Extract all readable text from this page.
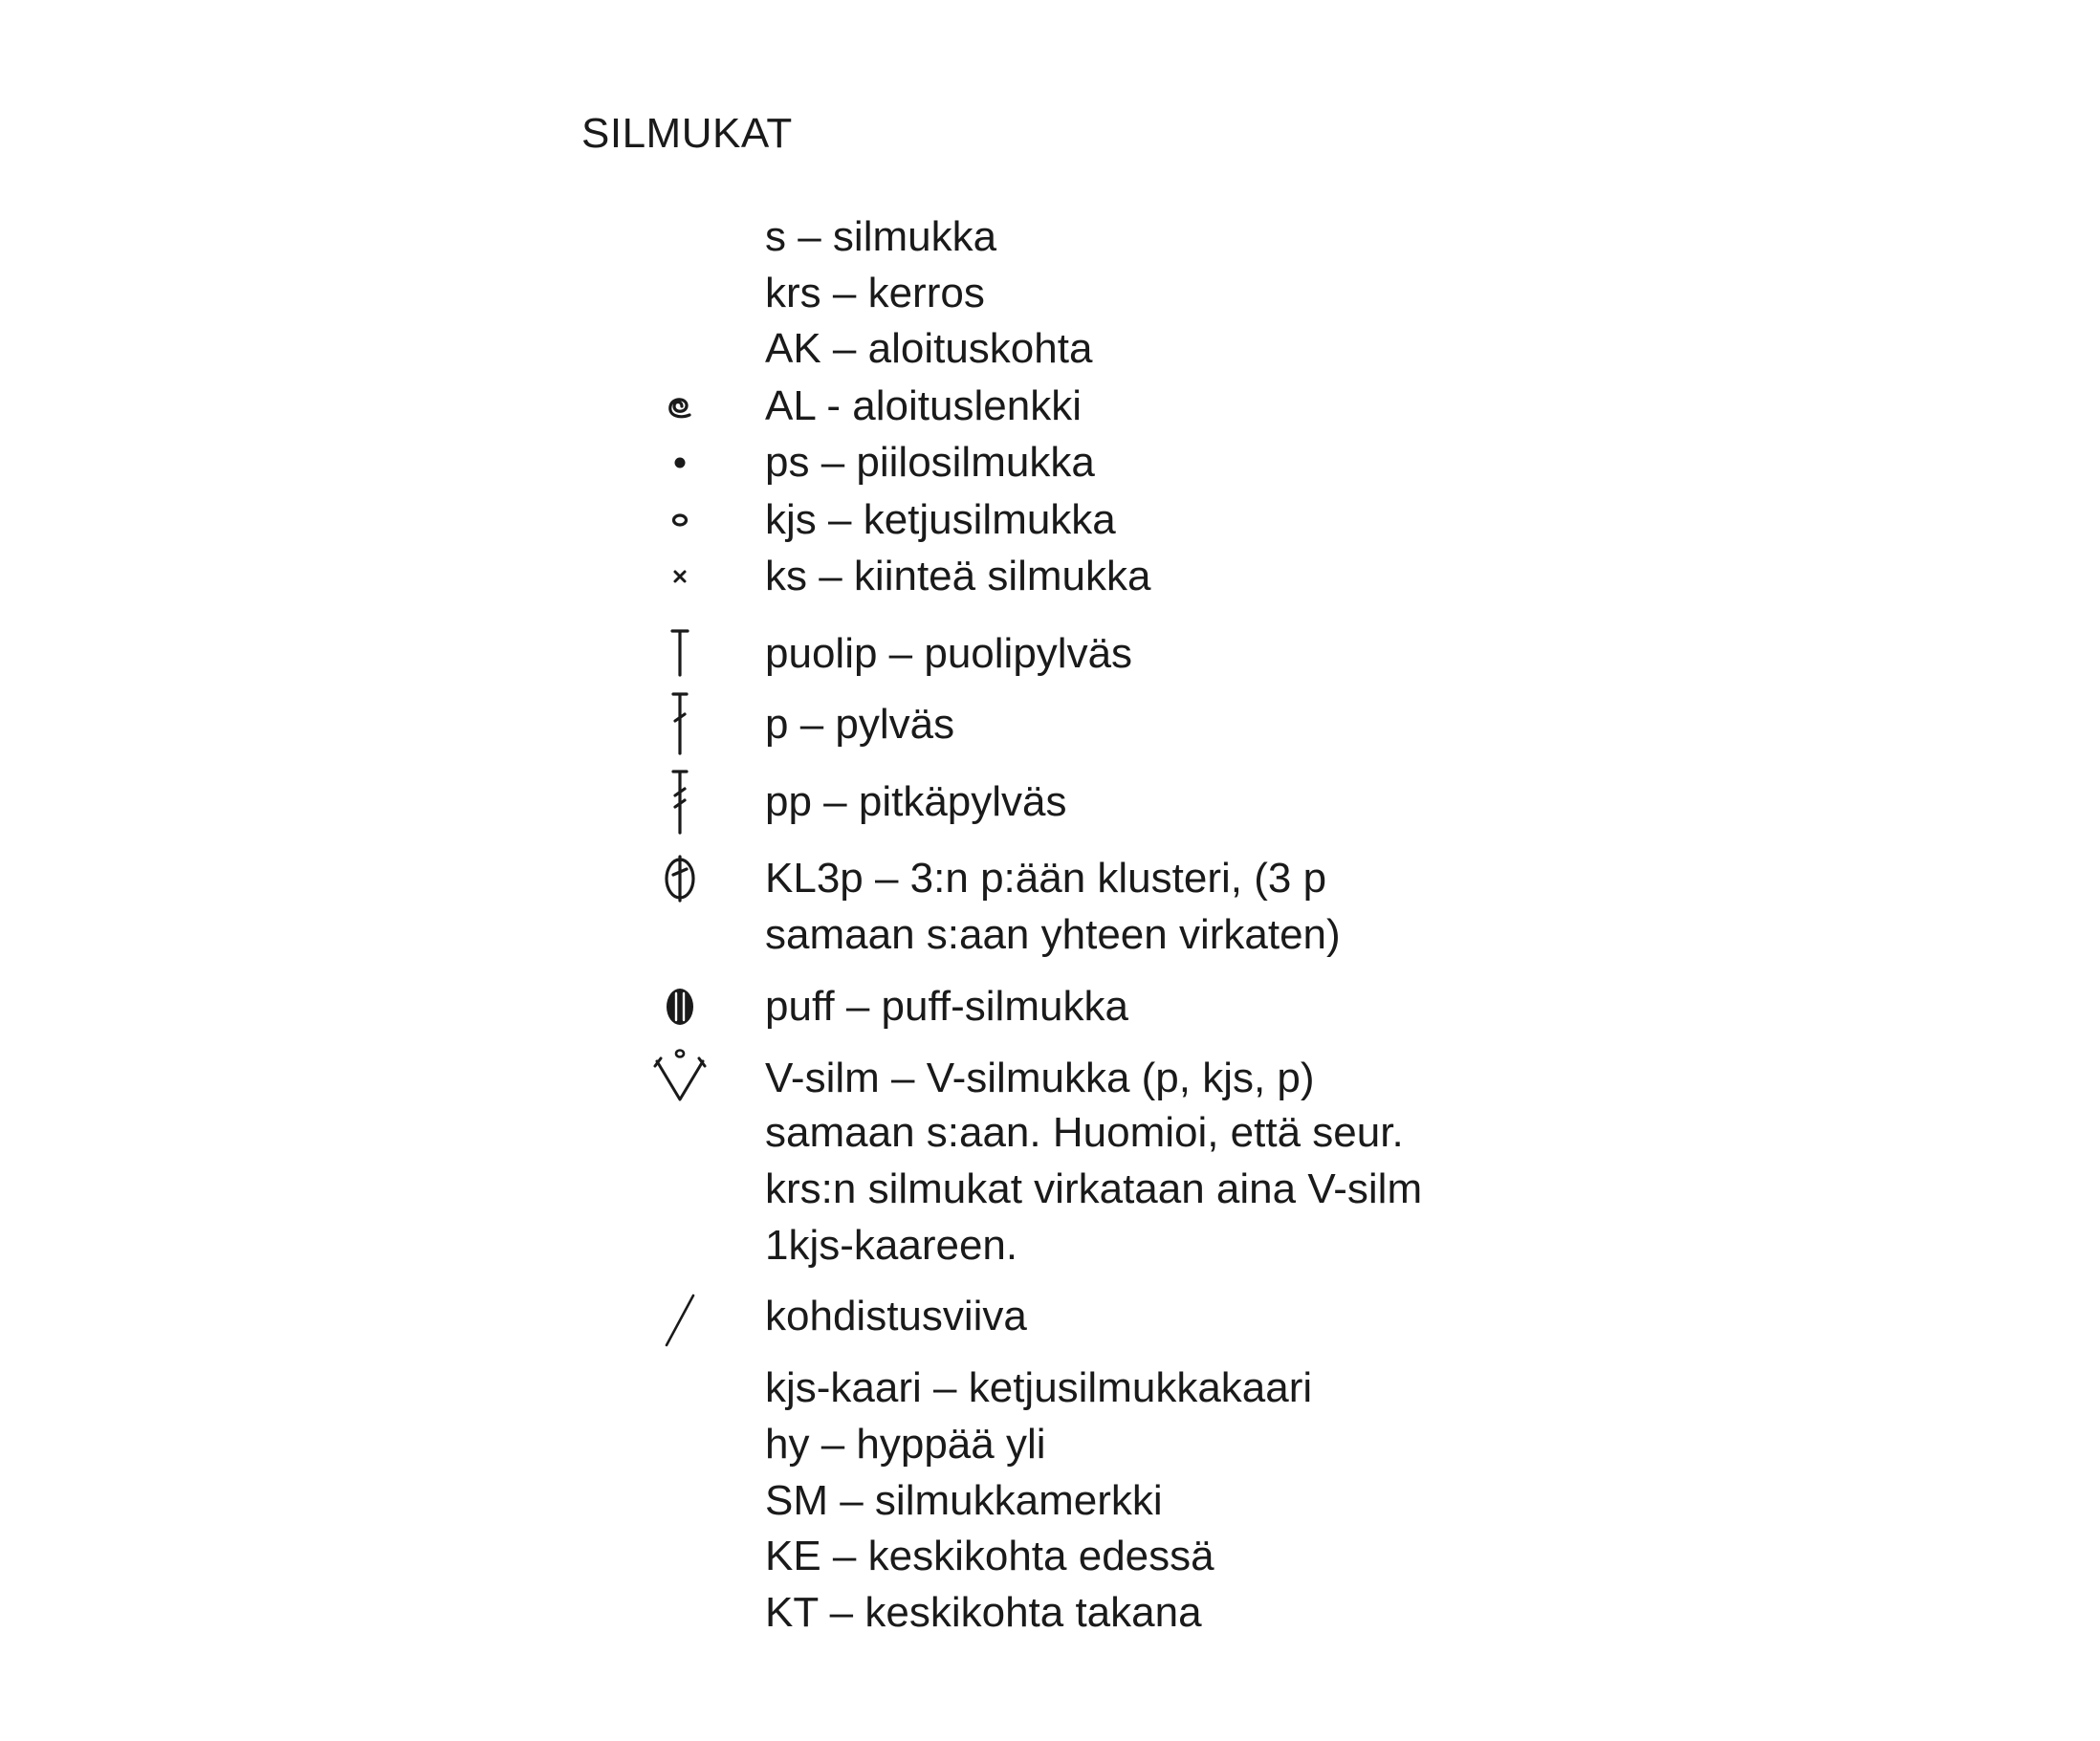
SILMUKAT
s – silmukka
krs – kerros
AK – aloituskohta
AL - aloituslenkki
ps – piilosilmukka
kjs – ketjusilmukka
ks – kiinteä silmukka
puolip – puolipylväs
p – pylväs
pp – pitkäpylväs
KL3p – 3:n p:ään klusteri, (3 p
samaan s:aan yhteen virkaten)
puff – puff-silmukka
V-silm – V-silmukka (p, kjs, p)
samaan s:aan. Huomioi, että seur.
krs:n silmukat virkataan aina V-silm
1kjs-kaareen.
kohdistusviiva
kjs-kaari – ketjusilmukkakaari
hy – hyppää yli
SM – silmukkamerkki
KE – keskikohta edessä
KT – keskikohta takana
